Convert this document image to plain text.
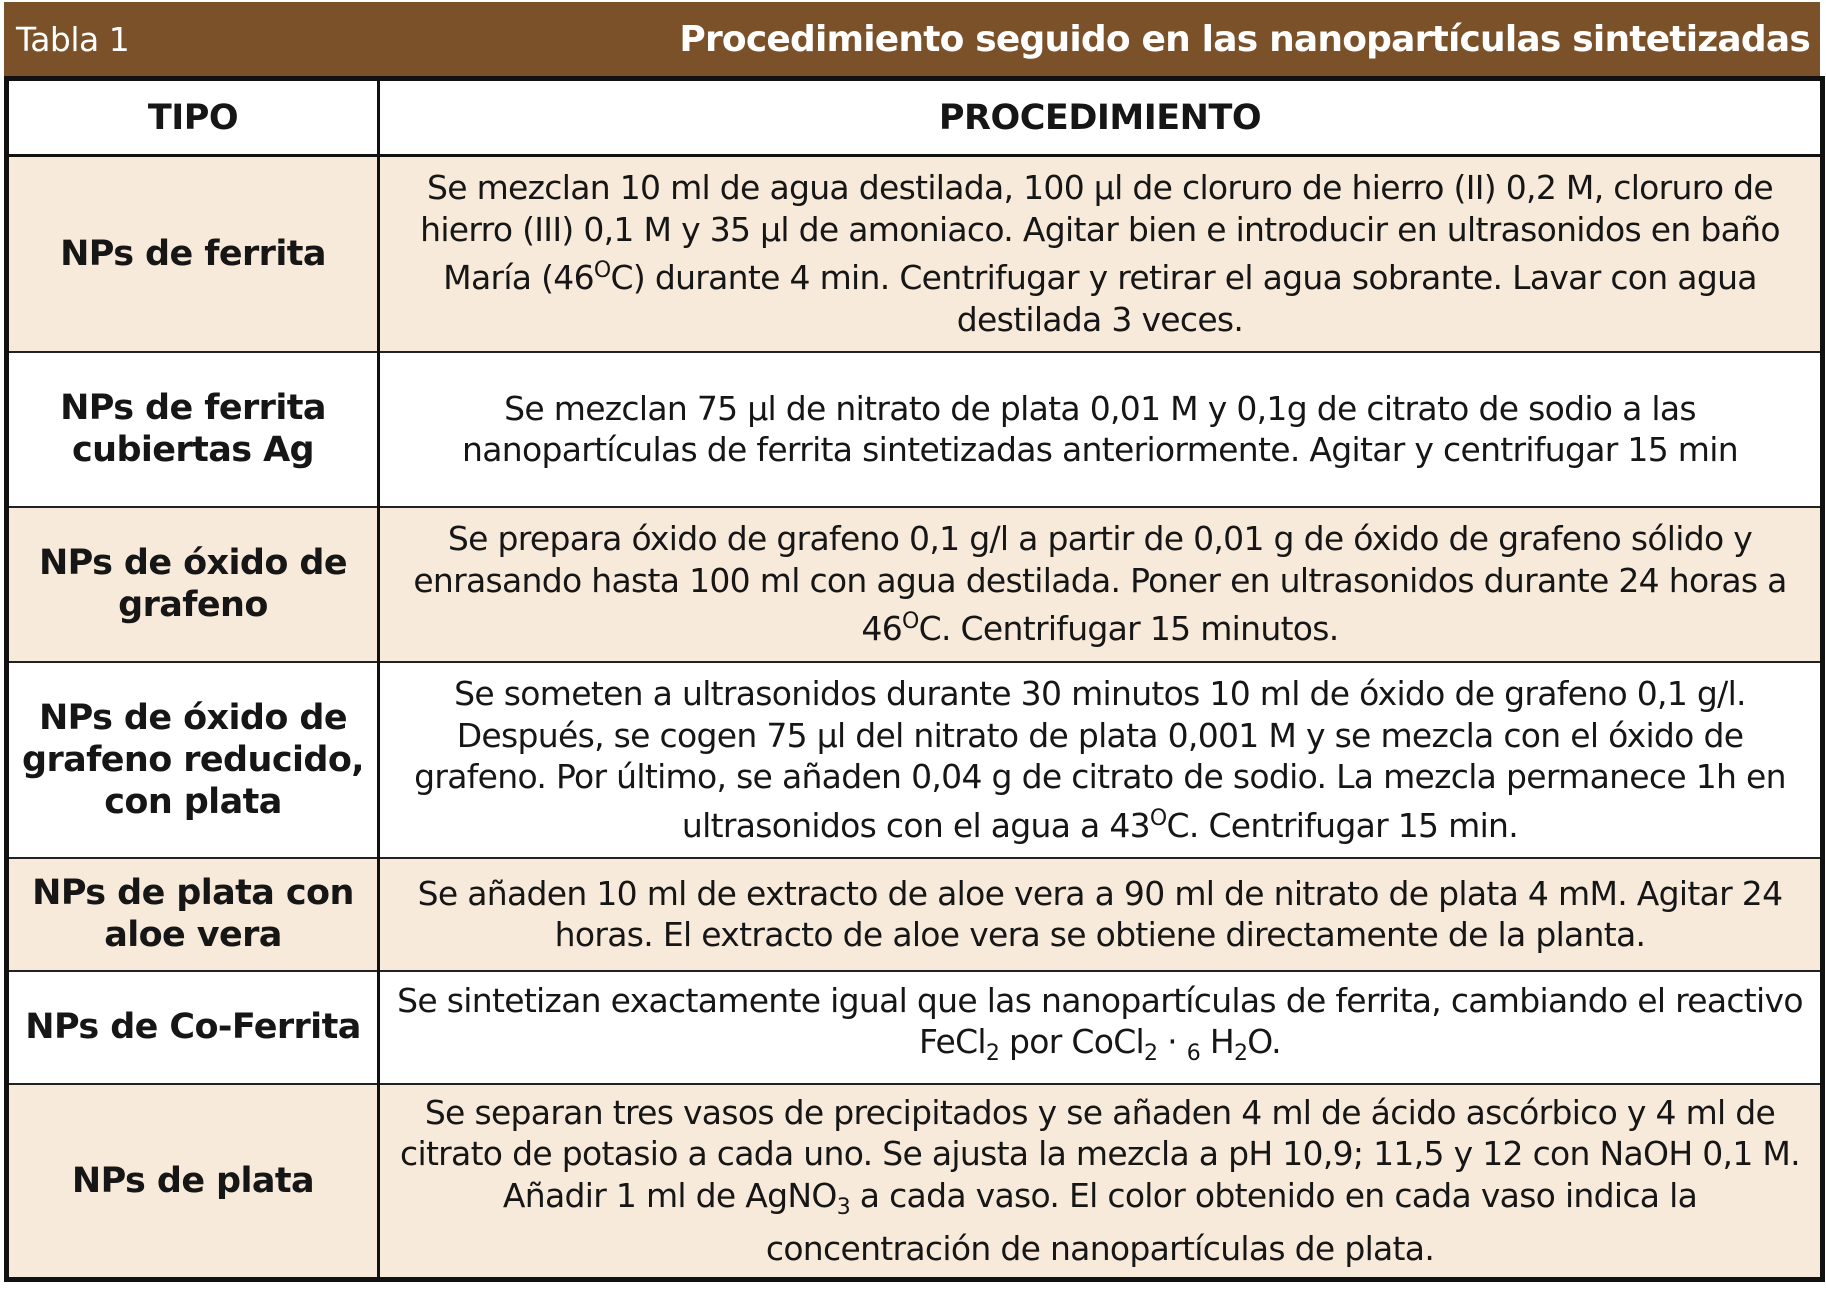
Tabla 1	Procedimiento seguido en las nanopartículas sintetizadas
TIPO	PROCEDIMIENTO
NPs de ferrita	Se mezclan 10 ml de agua destilada, 100 µl de cloruro de hierro (II) 0,2 M, cloruro de hierro (III) 0,1 M y 35 µl de amoniaco. Agitar bien e introducir en ultrasonidos en baño María $(46^OC)$ durante 4 min. Centrifugar y retirar el agua sobrante. Lavar con agua destilada 3 veces.
NPs de ferrita cubiertas Ag	Se mezclan 75 µl de nitrato de plata 0,01 M y 0,1g de citrato de sodio a las nanopartículas de ferrita sintetizadas anteriormente. Agitar y centrifugar 15 min
NPs de óxido de grafeno	Se prepara óxido de grafeno 0,1 g/l a partir de 0,01 g de óxido de grafeno sólido y enrasando hasta 100 ml con agua destilada. Poner en ultrasonidos durante 24 horas a $46^OC$. Centrifugar 15 minutos.
NPs de óxido de grafeno reducido, con plata	Se someten a ultrasonidos durante 30 minutos 10 ml de óxido de grafeno 0,1 g/l. Después, se cogen 75 µl del nitrato de plata 0,001 M y se mezcla con el óxido de grafeno. Por último, se añaden 0,04 g de citrato de sodio. La mezcla permanece 1h en ultrasonidos con el agua a $43^OC$. Centrifugar 15 min.
NPs de plata con aloe vera	Se añaden 10 ml de extracto de aloe vera a 90 ml de nitrato de plata 4 mM. Agitar 24 horas. El extracto de aloe vera se obtiene directamente de la planta.
NPs de Co-Ferrita	Se sintetizan exactamente igual que las nanopartículas de ferrita, cambiando el reactivo FeCl$_2$ por CoCl$_2$ · $_6$ $H_2O$.
NPs de plata	Se separan tres vasos de precipitados y se añaden 4 ml de ácido ascórbico y 4 ml de citrato de potasio a cada uno. Se ajusta la mezcla a pH 10,9; 11,5 y 12 con NaOH 0,1 M. Añadir 1 ml de AgNO$_3$ a cada vaso. El color obtenido en cada vaso indica la concentración de nanopartículas de plata.
